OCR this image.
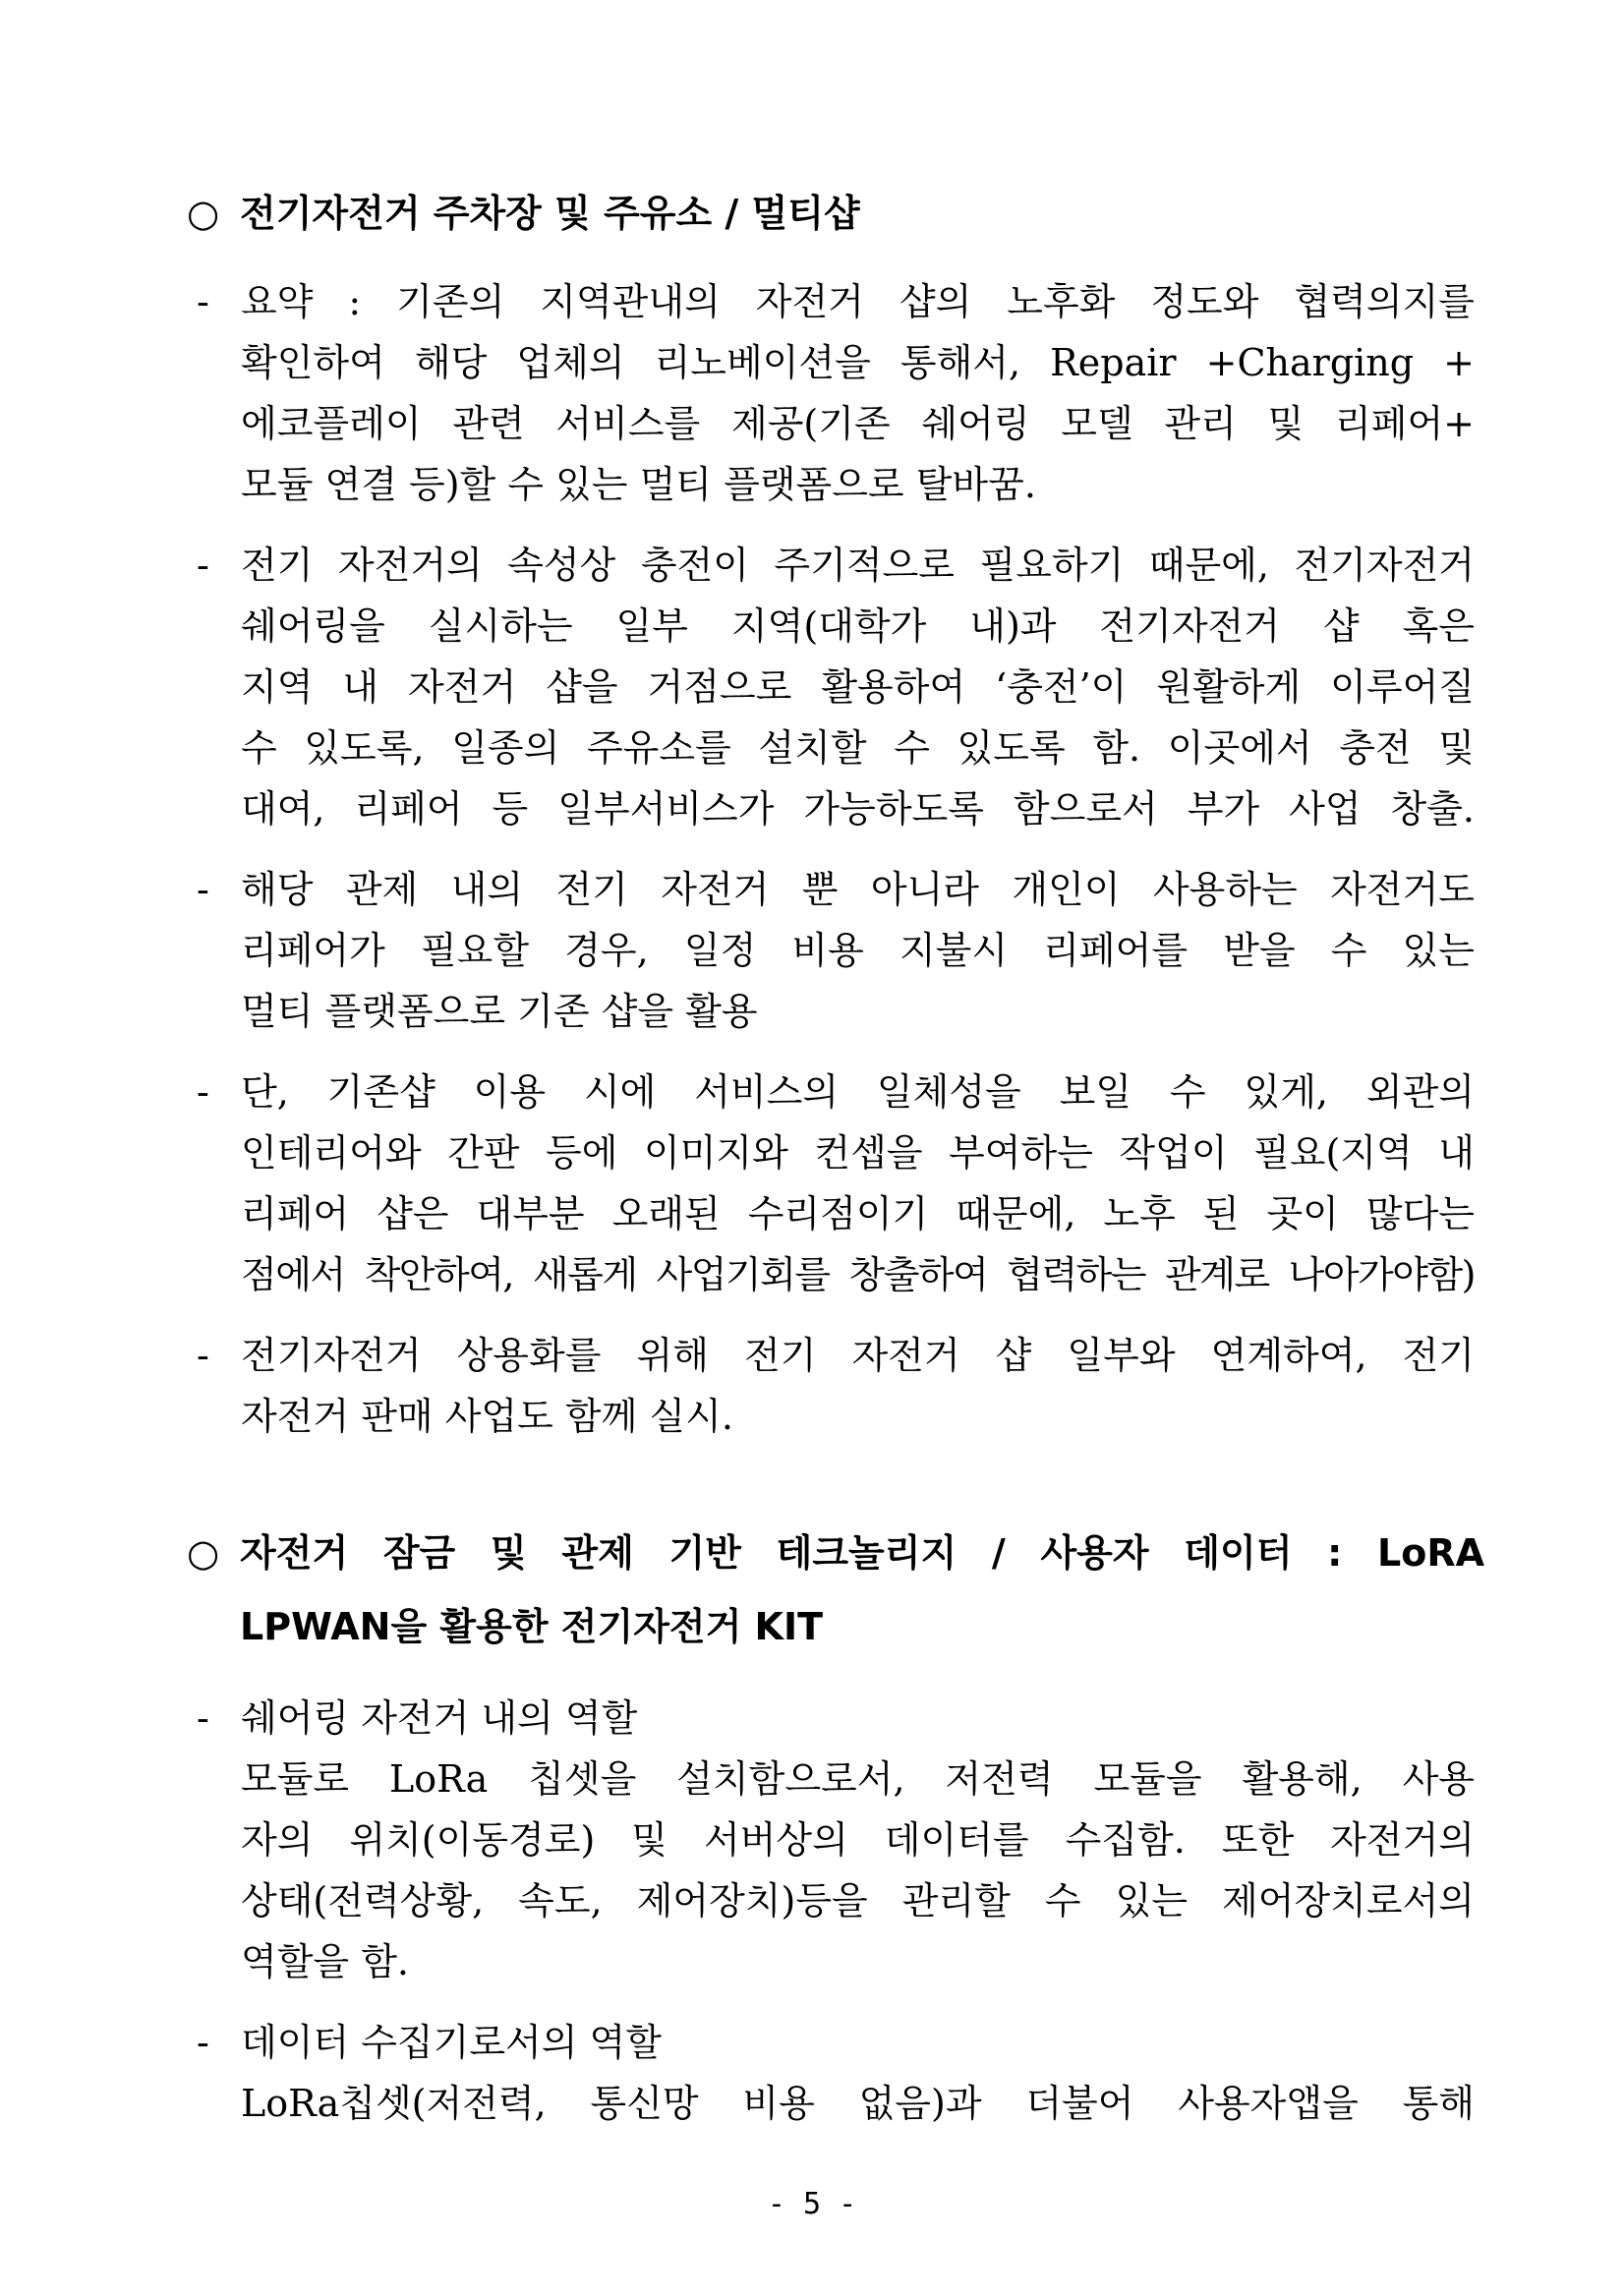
○ 전기자전거 주차장 및 주유소 / 멀티샵
- 요약 : 기존의 지역관내의 자전거 샵의 노후화 정도와 협력의지를
확인하여 해당 업체의 리노베이션을 통해서, Repair +Charging +
에코플레이 관련 서비스를 제공(기존 쉐어링 모델 관리 및 리페어+
모듈 연결 등)할 수 있는 멀티 플랫폼으로 탈바꿈.
- 전기 자전거의 속성상 충전이 주기적으로 필요하기 때문에, 전기자전거
쉐어링을 실시하는 일부 지역(대학가 내)과 전기자전거 샵 혹은
지역 내 자전거 샵을 거점으로 활용하여 ‘충전’이 원활하게 이루어질
수 있도록, 일종의 주유소를 설치할 수 있도록 함. 이곳에서 충전 및
대여, 리페어 등 일부서비스가 가능하도록 함으로서 부가 사업 창출.
- 해당 관제 내의 전기 자전거 뿐 아니라 개인이 사용하는 자전거도
리페어가 필요할 경우, 일정 비용 지불시 리페어를 받을 수 있는
멀티 플랫폼으로 기존 샵을 활용
- 단, 기존샵 이용 시에 서비스의 일체성을 보일 수 있게, 외관의
인테리어와 간판 등에 이미지와 컨셉을 부여하는 작업이 필요(지역 내
리페어 샵은 대부분 오래된 수리점이기 때문에, 노후 된 곳이 많다는
점에서 착안하여, 새롭게 사업기회를 창출하여 협력하는 관계로 나아가야함)
- 전기자전거 상용화를 위해 전기 자전거 샵 일부와 연계하여, 전기
자전거 판매 사업도 함께 실시.
○ 자전거 잠금 및 관제 기반 테크놀리지 / 사용자 데이터 : LoRA
LPWAN을 활용한 전기자전거 KIT
- 쉐어링 자전거 내의 역할
모듈로 LoRa 칩셋을 설치함으로서, 저전력 모듈을 활용해, 사용
자의 위치(이동경로) 및 서버상의 데이터를 수집함. 또한 자전거의
상태(전력상황, 속도, 제어장치)등을 관리할 수 있는 제어장치로서의
역할을 함.
- 데이터 수집기로서의 역할
LoRa칩셋(저전력, 통신망 비용 없음)과 더불어 사용자앱을 통해
- 5 -
